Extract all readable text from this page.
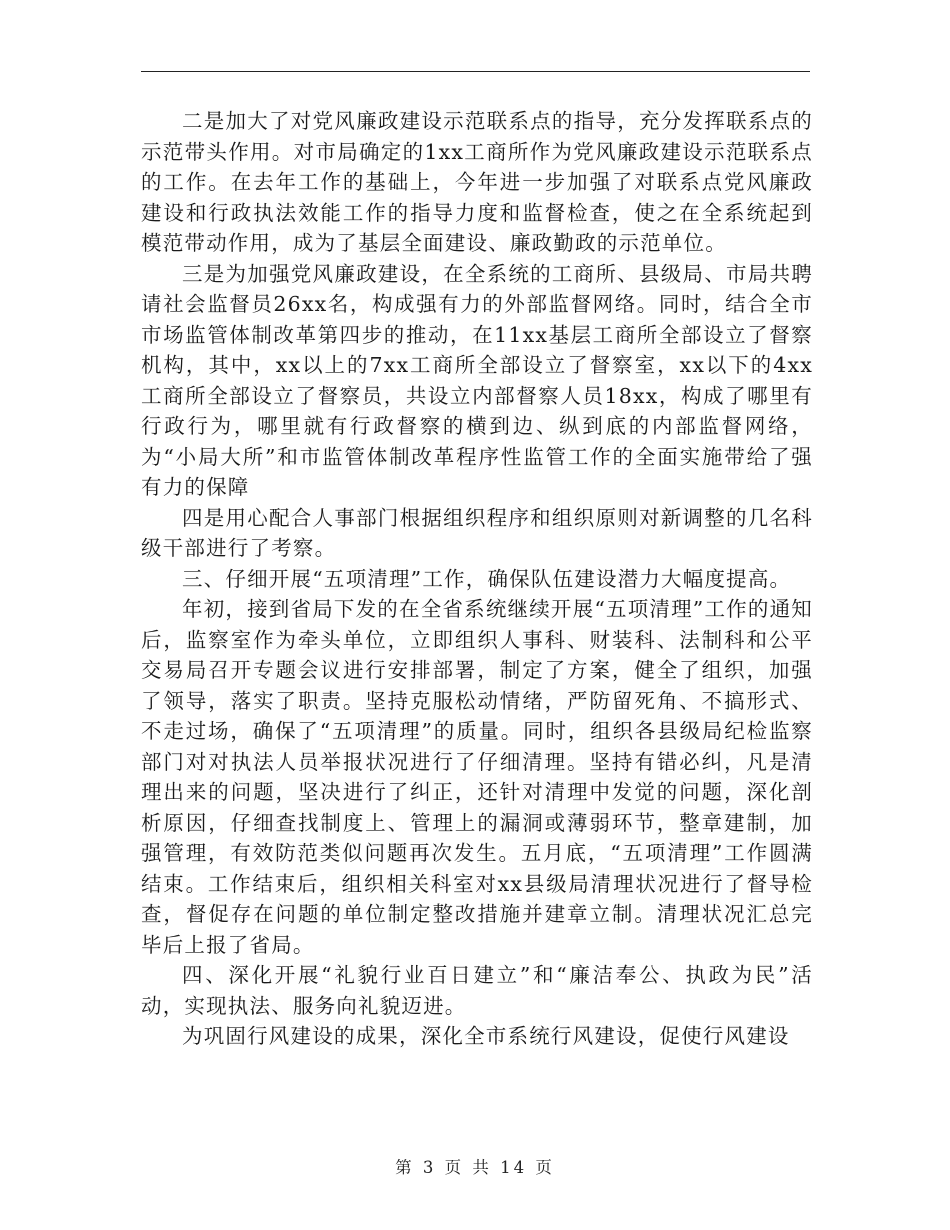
二是加大了对党风廉政建设示范联系点的指导，充分发挥联系点的示范带头作用。对市局确定的1xx工商所作为党风廉政建设示范联系点的工作。在去年工作的基础上，今年进一步加强了对联系点党风廉政建设和行政执法效能工作的指导力度和监督检查，使之在全系统起到模范带动作用，成为了基层全面建设、廉政勤政的示范单位。

三是为加强党风廉政建设，在全系统的工商所、县级局、市局共聘请社会监督员26xx名，构成强有力的外部监督网络。同时，结合全市市场监管体制改革第四步的推动，在11xx基层工商所全部设立了督察机构，其中，xx以上的7xx工商所全部设立了督察室，xx以下的4xx工商所全部设立了督察员，共设立内部督察人员18xx，构成了哪里有行政行为，哪里就有行政督察的横到边、纵到底的内部监督网络，为“小局大所”和市监管体制改革程序性监管工作的全面实施带给了强有力的保障

四是用心配合人事部门根据组织程序和组织原则对新调整的几名科级干部进行了考察。

三、仔细开展“五项清理”工作，确保队伍建设潜力大幅度提高。

年初，接到省局下发的在全省系统继续开展“五项清理”工作的通知后，监察室作为牵头单位，立即组织人事科、财装科、法制科和公平交易局召开专题会议进行安排部署，制定了方案，健全了组织，加强了领导，落实了职责。坚持克服松动情绪，严防留死角、不搞形式、不走过场，确保了“五项清理”的质量。同时，组织各县级局纪检监察部门对对执法人员举报状况进行了仔细清理。坚持有错必纠，凡是清理出来的问题，坚决进行了纠正，还针对清理中发觉的问题，深化剖析原因，仔细查找制度上、管理上的漏洞或薄弱环节，整章建制，加强管理，有效防范类似问题再次发生。五月底，“五项清理”工作圆满结束。工作结束后，组织相关科室对xx县级局清理状况进行了督导检查，督促存在问题的单位制定整改措施并建章立制。清理状况汇总完毕后上报了省局。

四、深化开展“礼貌行业百日建立”和“廉洁奉公、执政为民”活动，实现执法、服务向礼貌迈进。

为巩固行风建设的成果，深化全市系统行风建设，促使行风建设

第 3 页 共 14 页
